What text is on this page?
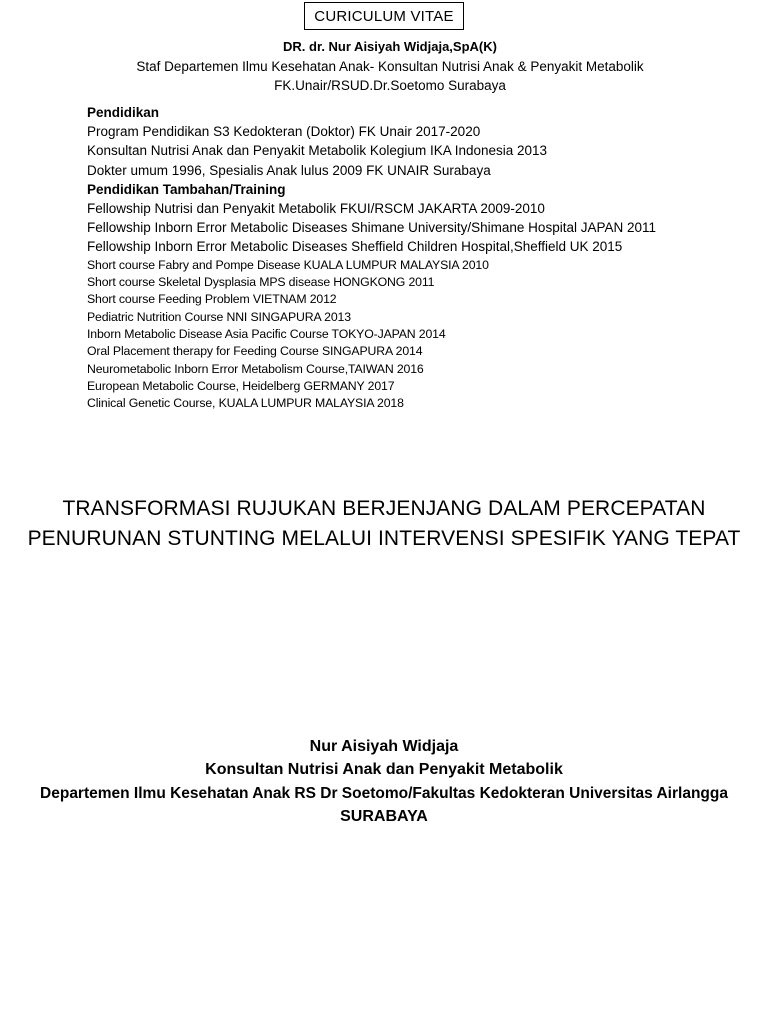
CURICULUM VITAE
DR. dr. Nur Aisiyah Widjaja,SpA(K)
Staf Departemen Ilmu Kesehatan Anak- Konsultan Nutrisi Anak & Penyakit Metabolik
FK.Unair/RSUD.Dr.Soetomo Surabaya
Pendidikan
Program Pendidikan S3 Kedokteran (Doktor) FK Unair 2017-2020
Konsultan Nutrisi Anak dan Penyakit Metabolik Kolegium IKA Indonesia 2013
Dokter umum 1996, Spesialis Anak lulus 2009 FK UNAIR Surabaya
Pendidikan Tambahan/Training
Fellowship Nutrisi dan Penyakit Metabolik FKUI/RSCM JAKARTA 2009-2010
Fellowship Inborn Error Metabolic Diseases Shimane University/Shimane Hospital JAPAN 2011
Fellowship Inborn Error Metabolic Diseases Sheffield Children Hospital,Sheffield UK 2015
Short course Fabry and Pompe Disease KUALA LUMPUR MALAYSIA 2010
Short course Skeletal Dysplasia MPS disease HONGKONG 2011
Short course Feeding Problem VIETNAM 2012
Pediatric Nutrition Course NNI SINGAPURA 2013
Inborn Metabolic Disease Asia Pacific Course TOKYO-JAPAN 2014
Oral Placement therapy for Feeding Course SINGAPURA 2014
Neurometabolic Inborn Error Metabolism Course,TAIWAN 2016
European Metabolic Course, Heidelberg GERMANY 2017
Clinical Genetic Course, KUALA LUMPUR MALAYSIA 2018
TRANSFORMASI RUJUKAN BERJENJANG DALAM PERCEPATAN
PENURUNAN STUNTING MELALUI INTERVENSI SPESIFIK YANG TEPAT
Nur Aisiyah Widjaja
Konsultan Nutrisi Anak dan Penyakit Metabolik
Departemen Ilmu Kesehatan Anak RS Dr Soetomo/Fakultas Kedokteran Universitas Airlangga
SURABAYA
